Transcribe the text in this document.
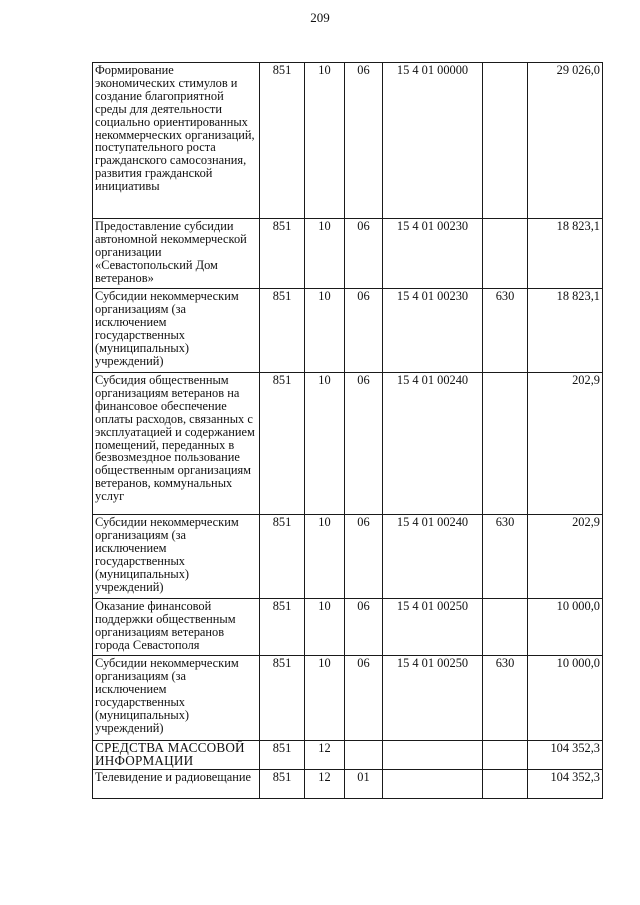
209
Формирование экономических стимулов и создание благоприятной среды для деятельности социально ориентированных некоммерческих организаций, поступательного роста гражданского самосознания, развития гражданской инициативы	851	10	06	15 4 01 00000		29 026,0
Предоставление субсидии автономной некоммерческой организации «Севастопольский Дом ветеранов»	851	10	06	15 4 01 00230		18 823,1
Субсидии некоммерческим организациям (за исключением государственных (муниципальных) учреждений)	851	10	06	15 4 01 00230	630	18 823,1
Субсидия общественным организациям ветеранов на финансовое обеспечение оплаты расходов, связанных с эксплуатацией и содержанием помещений, переданных в безвозмездное пользование общественным организациям ветеранов, коммунальных услуг	851	10	06	15 4 01 00240		202,9
Субсидии некоммерческим организациям (за исключением государственных (муниципальных) учреждений)	851	10	06	15 4 01 00240	630	202,9
Оказание финансовой поддержки общественным организациям ветеранов города Севастополя	851	10	06	15 4 01 00250		10 000,0
Субсидии некоммерческим организациям (за исключением государственных (муниципальных) учреждений)	851	10	06	15 4 01 00250	630	10 000,0
СРЕДСТВА МАССОВОЙ ИНФОРМАЦИИ	851	12				104 352,3
Телевидение и радиовещание	851	12	01			104 352,3
